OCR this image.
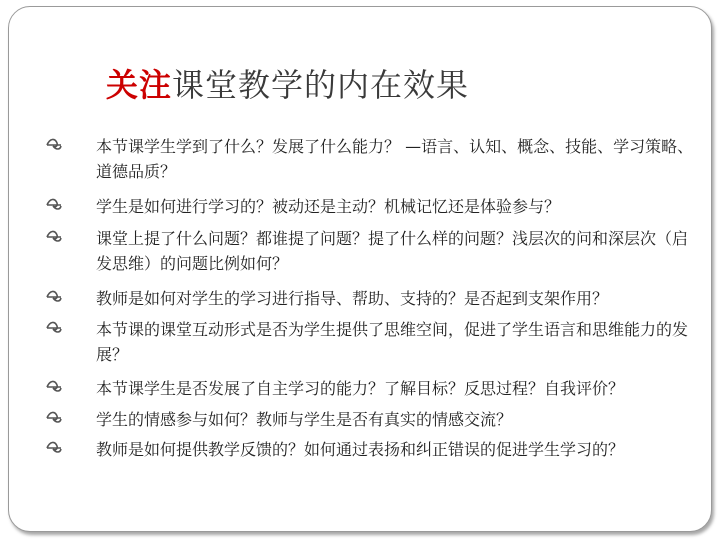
关注课堂教学的内在效果
本节课学生学到了什么？发展了什么能力？ —语言、认知、概念、技能、学习策略、道德品质？
学生是如何进行学习的？被动还是主动？机械记忆还是体验参与？
课堂上提了什么问题？都谁提了问题？提了什么样的问题？浅层次的问和深层次（启发思维）的问题比例如何？
教师是如何对学生的学习进行指导、帮助、支持的？是否起到支架作用？
本节课的课堂互动形式是否为学生提供了思维空间，促进了学生语言和思维能力的发展？
本节课学生是否发展了自主学习的能力？了解目标？反思过程？自我评价？
学生的情感参与如何？教师与学生是否有真实的情感交流？
教师是如何提供教学反馈的？如何通过表扬和纠正错误的促进学生学习的？
